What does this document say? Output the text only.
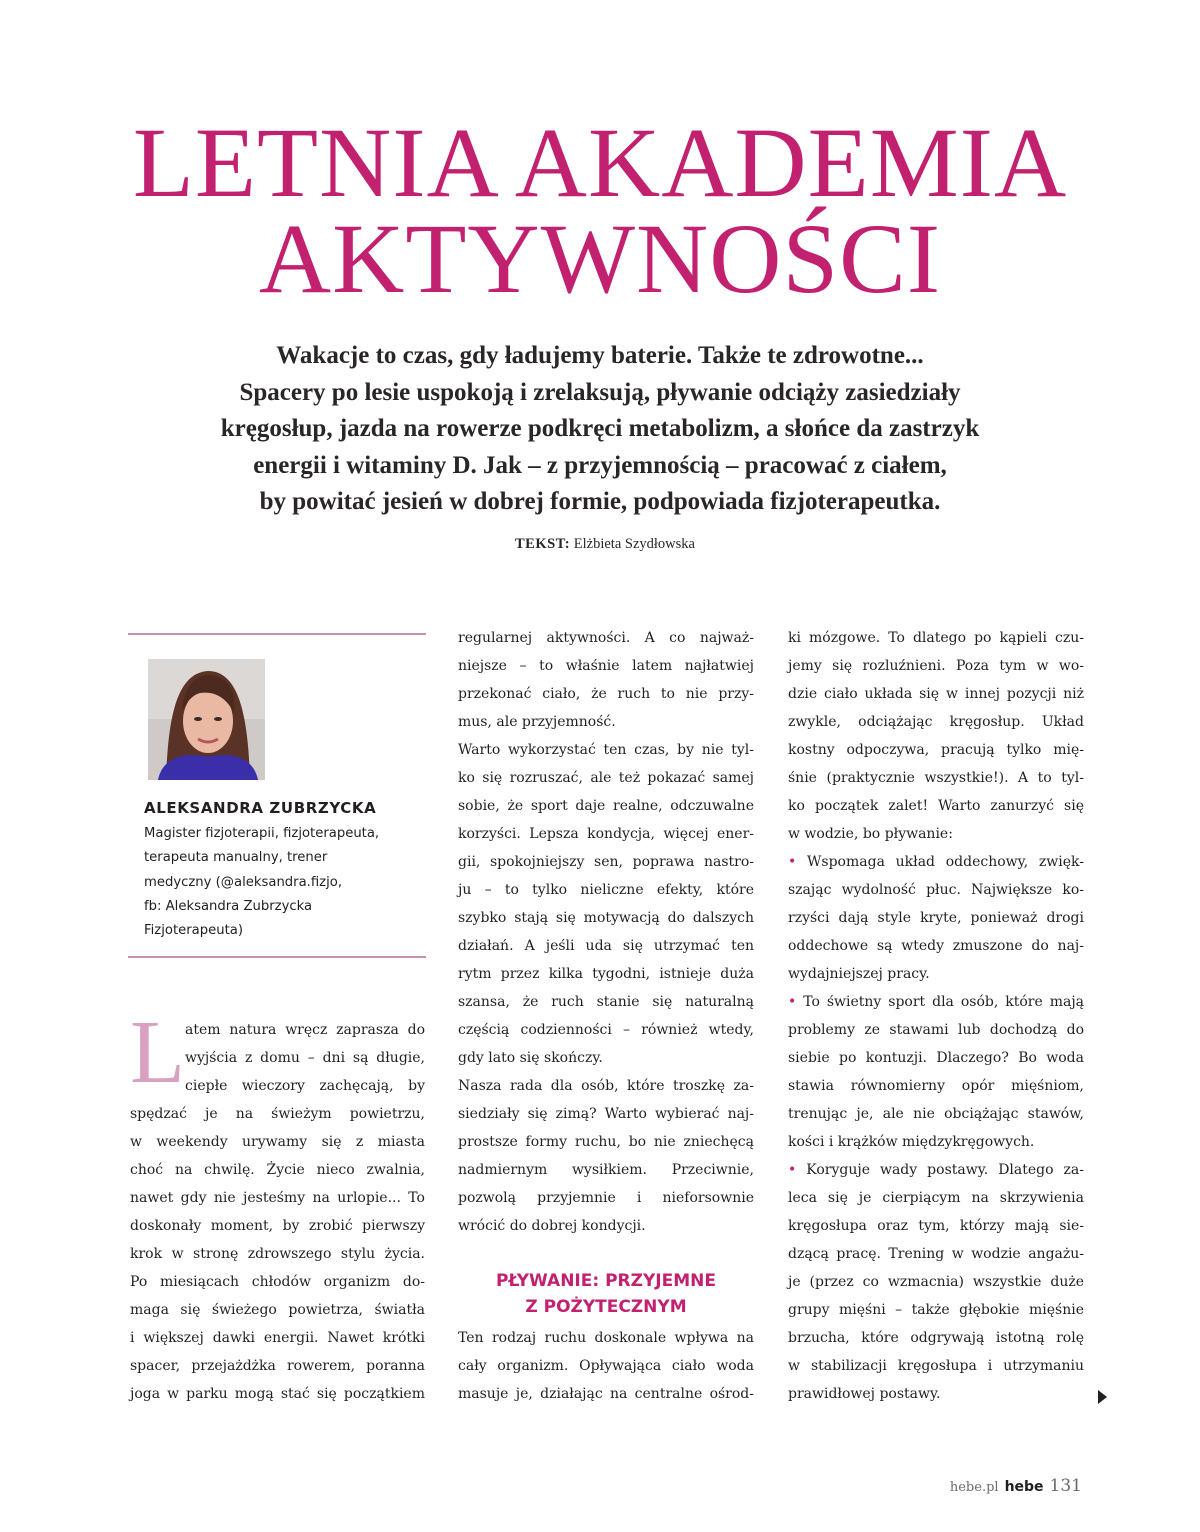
LETNIA AKADEMIA
AKTYWNOŚCI

Wakacje to czas, gdy ładujemy baterie. Także te zdrowotne...

Spacery po lesie uspokoją i zrelaksują, pływanie odciąży zasiedziały

kręgosłup, jazda na rowerze podkręci metabolizm, a słońce da zastrzyk

energii i witaminy D. Jak – z przyjemnością – pracować z ciałem,

by powitać jesień w dobrej formie, podpowiada fizjoterapeutka.

TEKST: Elżbieta Szydłowska
ALEKSANDRA ZUBRZYCKA
Magister fizjoterapii, fizjoterapeuta,
terapeuta manualny, trener
medyczny (@aleksandra.fizjo,
fb: Aleksandra Zubrzycka
Fizjoterapeuta)
L atem natura wręcz zaprasza do
wyjścia z domu – dni są długie,
ciepłe wieczory zachęcają, by
spędzać je na świeżym powietrzu,
w weekendy urywamy się z miasta
choć na chwilę. Życie nieco zwalnia,
nawet gdy nie jesteśmy na urlopie... To
doskonały moment, by zrobić pierwszy
krok w stronę zdrowszego stylu życia.
Po miesiącach chłodów organizm do-
maga się świeżego powietrza, światła
i większej dawki energii. Nawet krótki
spacer, przejażdżka rowerem, poranna
joga w parku mogą stać się początkiem
regularnej aktywności. A co najważ-
niejsze – to właśnie latem najłatwiej
przekonać ciało, że ruch to nie przy-
mus, ale przyjemność.
Warto wykorzystać ten czas, by nie tyl-
ko się rozruszać, ale też pokazać samej
sobie, że sport daje realne, odczuwalne
korzyści. Lepsza kondycja, więcej ener-
gii, spokojniejszy sen, poprawa nastro-
ju – to tylko nieliczne efekty, które
szybko stają się motywacją do dalszych
działań. A jeśli uda się utrzymać ten
rytm przez kilka tygodni, istnieje duża
szansa, że ruch stanie się naturalną
częścią codzienności – również wtedy,
gdy lato się skończy.
Nasza rada dla osób, które troszkę za-
siedziały się zimą? Warto wybierać naj-
prostsze formy ruchu, bo nie zniechęcą
nadmiernym wysiłkiem. Przeciwnie,
pozwolą przyjemnie i nieforsownie
wrócić do dobrej kondycji.
PŁYWANIE: PRZYJEMNE
Z POŻYTECZNYM
Ten rodzaj ruchu doskonale wpływa na
cały organizm. Opływająca ciało woda
masuje je, działając na centralne ośrod-
ki mózgowe. To dlatego po kąpieli czu-
jemy się rozluźnieni. Poza tym w wo-
dzie ciało układa się w innej pozycji niż
zwykle, odciążając kręgosłup. Układ
kostny odpoczywa, pracują tylko mię-
śnie (praktycznie wszystkie!). A to tyl-
ko początek zalet! Warto zanurzyć się
w wodzie, bo pływanie:
• Wspomaga układ oddechowy, zwięk-
szając wydolność płuc. Największe ko-
rzyści dają style kryte, ponieważ drogi
oddechowe są wtedy zmuszone do naj-
wydajniejszej pracy.
• To świetny sport dla osób, które mają
problemy ze stawami lub dochodzą do
siebie po kontuzji. Dlaczego? Bo woda
stawia równomierny opór mięśniom,
trenując je, ale nie obciążając stawów,
kości i krążków międzykręgowych.
• Koryguje wady postawy. Dlatego za-
leca się je cierpiącym na skrzywienia
kręgosłupa oraz tym, którzy mają sie-
dzącą pracę. Trening w wodzie angażu-
je (przez co wzmacnia) wszystkie duże
grupy mięśni – także głębokie mięśnie
brzucha, które odgrywają istotną rolę
w stabilizacji kręgosłupa i utrzymaniu
prawidłowej postawy.
hebe.pl hebe 131
